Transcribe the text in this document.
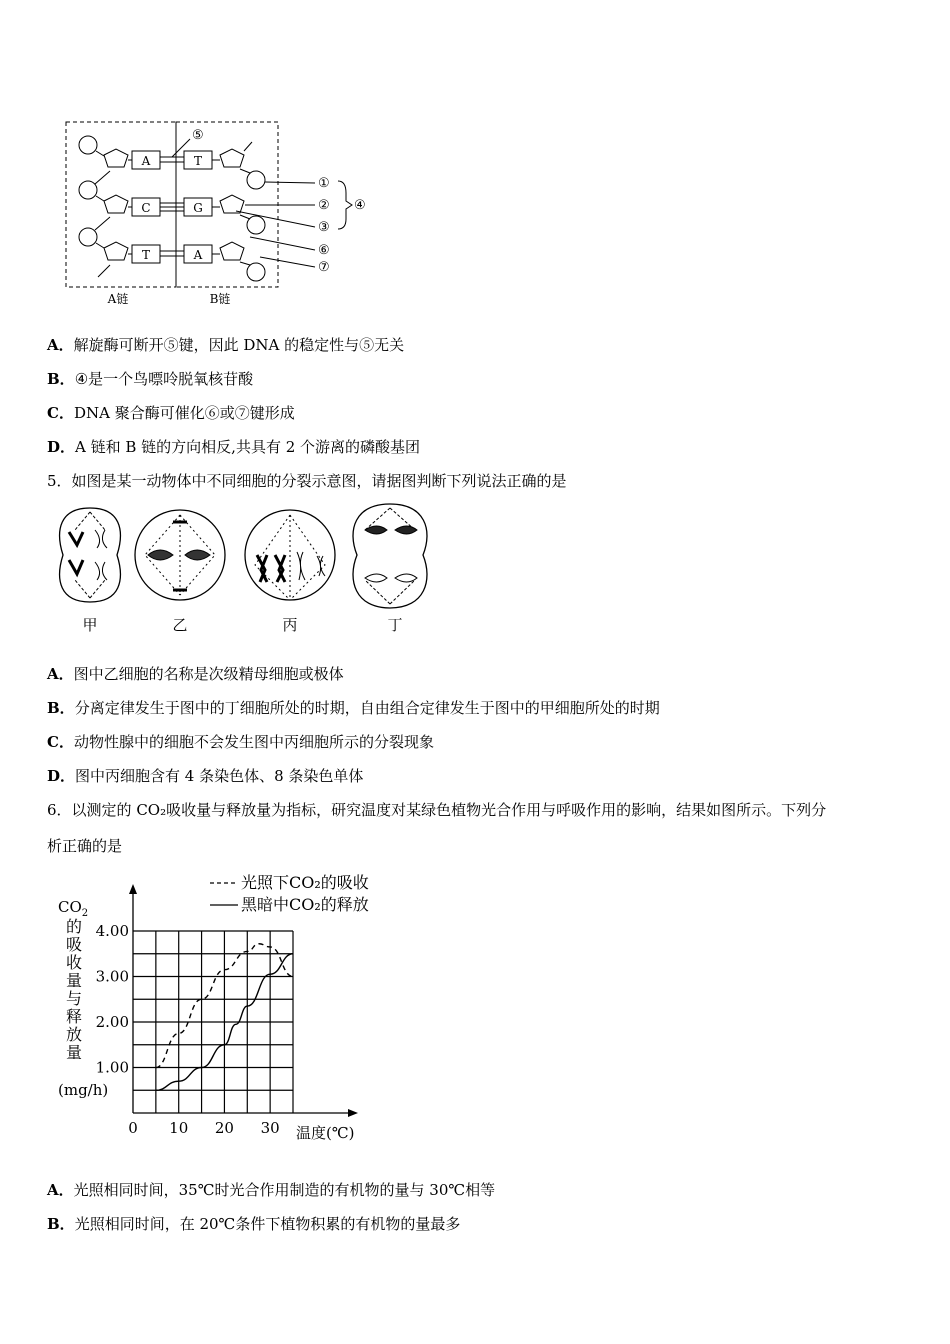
A
C
T
T
G
A
⑤
①
②
③
⑥
⑦
④
A链	B链
A．解旋酶可断开⑤键，因此 DNA 的稳定性与⑤无关
B．④是一个鸟嘌呤脱氧核苷酸
C．DNA 聚合酶可催化⑥或⑦键形成
D．A 链和 B 链的方向相反,共具有 2 个游离的磷酸基团
5．如图是某一动物体中不同细胞的分裂示意图，请据图判断下列说法正确的是
甲	乙	丙	丁
A．图中乙细胞的名称是次级精母细胞或极体
B．分离定律发生于图中的丁细胞所处的时期，自由组合定律发生于图中的甲细胞所处的时期
C．动物性腺中的细胞不会发生图中丙细胞所示的分裂现象
D．图中丙细胞含有 4 条染色体、8 条染色单体
6．以测定的 CO₂吸收量与释放量为指标，研究温度对某绿色植物光合作用与呼吸作用的影响，结果如图所示。下列分
析正确的是
$CO_2$
的
吸
收
量
与
释
放
量
(mg/h)
0 10 20 30
1.00
2.00
3.00
4.00
光照下CO₂的吸收
黑暗中CO₂的释放
温度(℃)
A．光照相同时间，35℃时光合作用制造的有机物的量与 30℃相等
B．光照相同时间，在 20℃条件下植物积累的有机物的量最多
